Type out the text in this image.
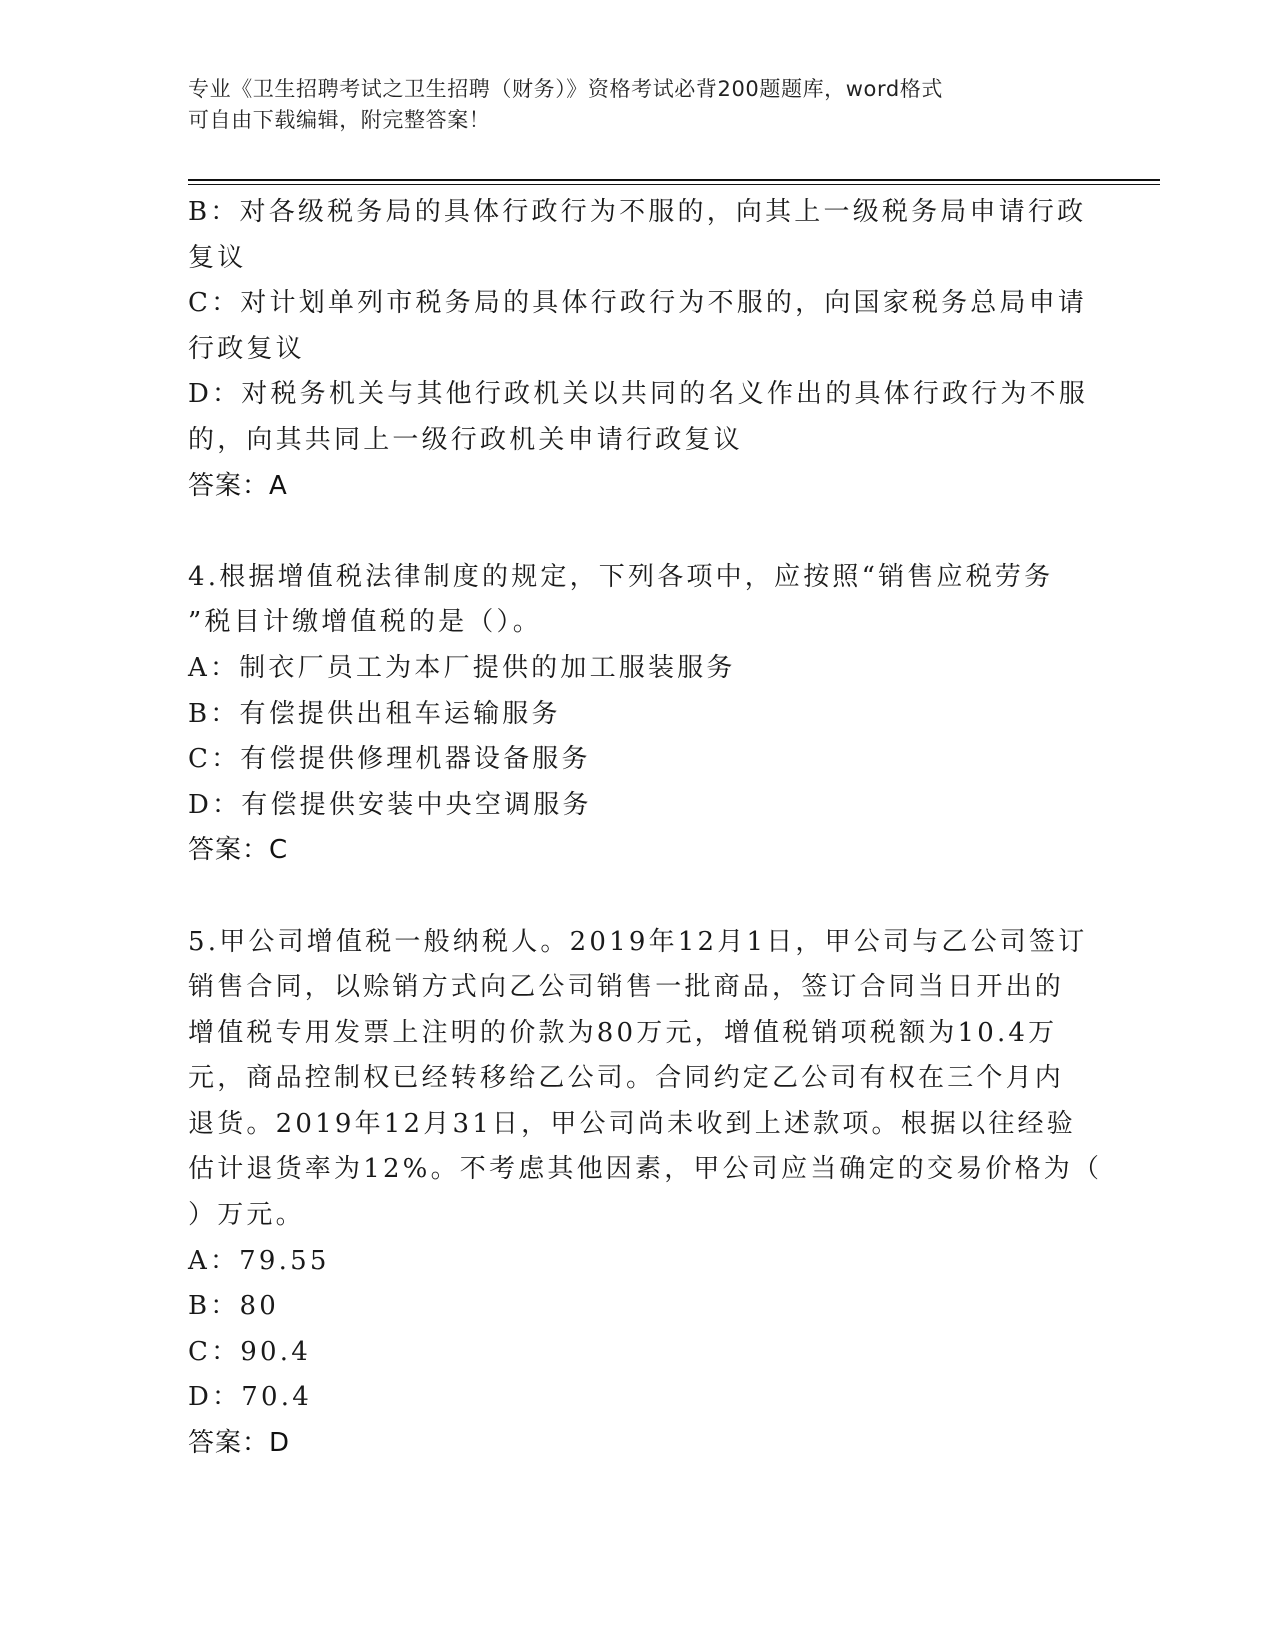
专业《卫生招聘考试之卫生招聘（财务）》资格考试必背200题题库，word格式
可自由下载编辑，附完整答案！

B：对各级税务局的具体行政行为不服的，向其上一级税务局申请行政

复议

C：对计划单列市税务局的具体行政行为不服的，向国家税务总局申请

行政复议

D：对税务机关与其他行政机关以共同的名义作出的具体行政行为不服

的，向其共同上一级行政机关申请行政复议

答案：A

4.根据增值税法律制度的规定，下列各项中，应按照“销售应税劳务

”税目计缴增值税的是（）。

A：制衣厂员工为本厂提供的加工服装服务

B：有偿提供出租车运输服务

C：有偿提供修理机器设备服务

D：有偿提供安装中央空调服务

答案：C

5.甲公司增值税一般纳税人。2019年12月1日，甲公司与乙公司签订

销售合同，以赊销方式向乙公司销售一批商品，签订合同当日开出的

增值税专用发票上注明的价款为80万元，增值税销项税额为10.4万

元，商品控制权已经转移给乙公司。合同约定乙公司有权在三个月内

退货。2019年12月31日，甲公司尚未收到上述款项。根据以往经验

估计退货率为12%。不考虑其他因素，甲公司应当确定的交易价格为（

）万元。

A：79.55

B：80

C：90.4

D：70.4

答案：D
